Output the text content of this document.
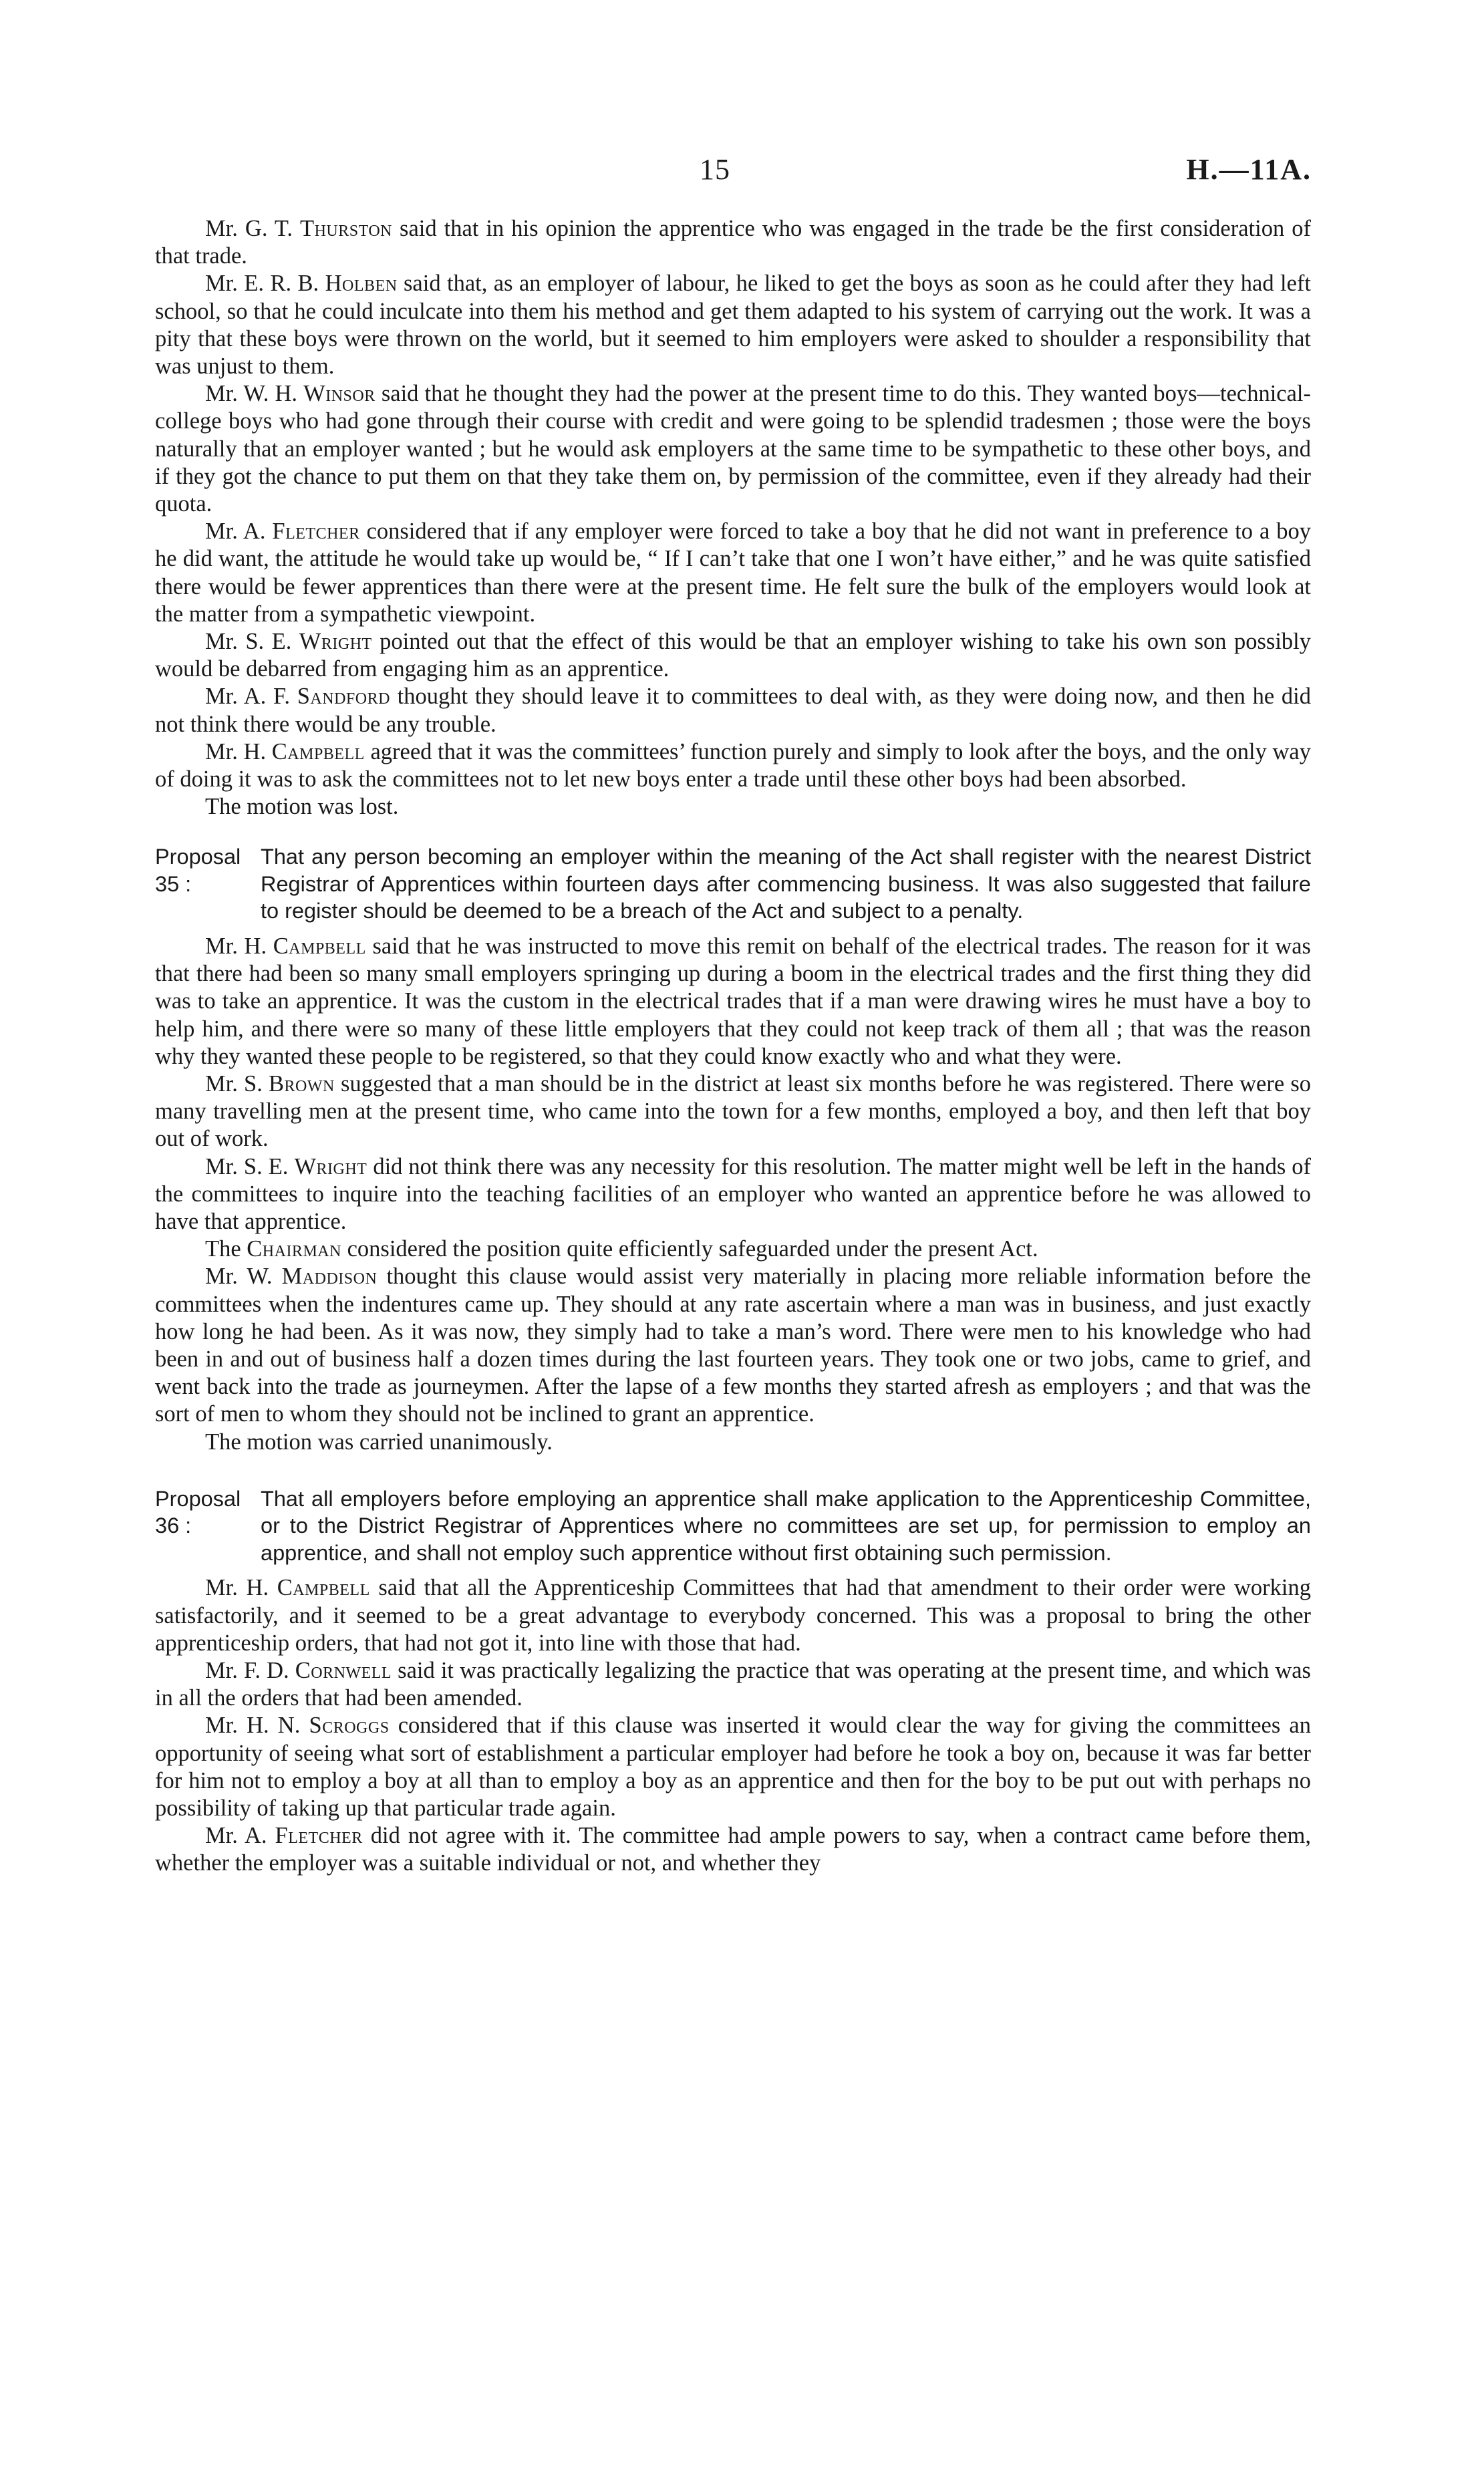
15	H.—11A.

Mr. G. T. Thurston said that in his opinion the apprentice who was engaged in the trade be the first consideration of that trade.

Mr. E. R. B. Holben said that, as an employer of labour, he liked to get the boys as soon as he could after they had left school, so that he could inculcate into them his method and get them adapted to his system of carrying out the work. It was a pity that these boys were thrown on the world, but it seemed to him employers were asked to shoulder a responsibility that was unjust to them.

Mr. W. H. Winsor said that he thought they had the power at the present time to do this. They wanted boys—technical-college boys who had gone through their course with credit and were going to be splendid tradesmen ; those were the boys naturally that an employer wanted ; but he would ask employers at the same time to be sympathetic to these other boys, and if they got the chance to put them on that they take them on, by permission of the committee, even if they already had their quota.

Mr. A. Fletcher considered that if any employer were forced to take a boy that he did not want in preference to a boy he did want, the attitude he would take up would be, “ If I can’t take that one I won’t have either,” and he was quite satisfied there would be fewer apprentices than there were at the present time. He felt sure the bulk of the employers would look at the matter from a sympathetic viewpoint.

Mr. S. E. Wright pointed out that the effect of this would be that an employer wishing to take his own son possibly would be debarred from engaging him as an apprentice.

Mr. A. F. Sandford thought they should leave it to committees to deal with, as they were doing now, and then he did not think there would be any trouble.

Mr. H. Campbell agreed that it was the committees’ function purely and simply to look after the boys, and the only way of doing it was to ask the committees not to let new boys enter a trade until these other boys had been absorbed.

The motion was lost.

Proposal 35 :
That any person becoming an employer within the meaning of the Act shall register with the nearest District Registrar of Apprentices within fourteen days after commencing business. It was also suggested that failure to register should be deemed to be a breach of the Act and subject to a penalty.

Mr. H. Campbell said that he was instructed to move this remit on behalf of the electrical trades. The reason for it was that there had been so many small employers springing up during a boom in the electrical trades and the first thing they did was to take an apprentice. It was the custom in the electrical trades that if a man were drawing wires he must have a boy to help him, and there were so many of these little employers that they could not keep track of them all ; that was the reason why they wanted these people to be registered, so that they could know exactly who and what they were.

Mr. S. Brown suggested that a man should be in the district at least six months before he was registered. There were so many travelling men at the present time, who came into the town for a few months, employed a boy, and then left that boy out of work.

Mr. S. E. Wright did not think there was any necessity for this resolution. The matter might well be left in the hands of the committees to inquire into the teaching facilities of an employer who wanted an apprentice before he was allowed to have that apprentice.

The Chairman considered the position quite efficiently safeguarded under the present Act.

Mr. W. Maddison thought this clause would assist very materially in placing more reliable information before the committees when the indentures came up. They should at any rate ascertain where a man was in business, and just exactly how long he had been. As it was now, they simply had to take a man’s word. There were men to his knowledge who had been in and out of business half a dozen times during the last fourteen years. They took one or two jobs, came to grief, and went back into the trade as journeymen. After the lapse of a few months they started afresh as employers ; and that was the sort of men to whom they should not be inclined to grant an apprentice.

The motion was carried unanimously.

Proposal 36 :
That all employers before employing an apprentice shall make application to the Apprenticeship Committee, or to the District Registrar of Apprentices where no committees are set up, for permission to employ an apprentice, and shall not employ such apprentice without first obtaining such permission.

Mr. H. Campbell said that all the Apprenticeship Committees that had that amendment to their order were working satisfactorily, and it seemed to be a great advantage to everybody concerned. This was a proposal to bring the other apprenticeship orders, that had not got it, into line with those that had.

Mr. F. D. Cornwell said it was practically legalizing the practice that was operating at the present time, and which was in all the orders that had been amended.

Mr. H. N. Scroggs considered that if this clause was inserted it would clear the way for giving the committees an opportunity of seeing what sort of establishment a particular employer had before he took a boy on, because it was far better for him not to employ a boy at all than to employ a boy as an apprentice and then for the boy to be put out with perhaps no possibility of taking up that particular trade again.

Mr. A. Fletcher did not agree with it. The committee had ample powers to say, when a contract came before them, whether the employer was a suitable individual or not, and whether they
